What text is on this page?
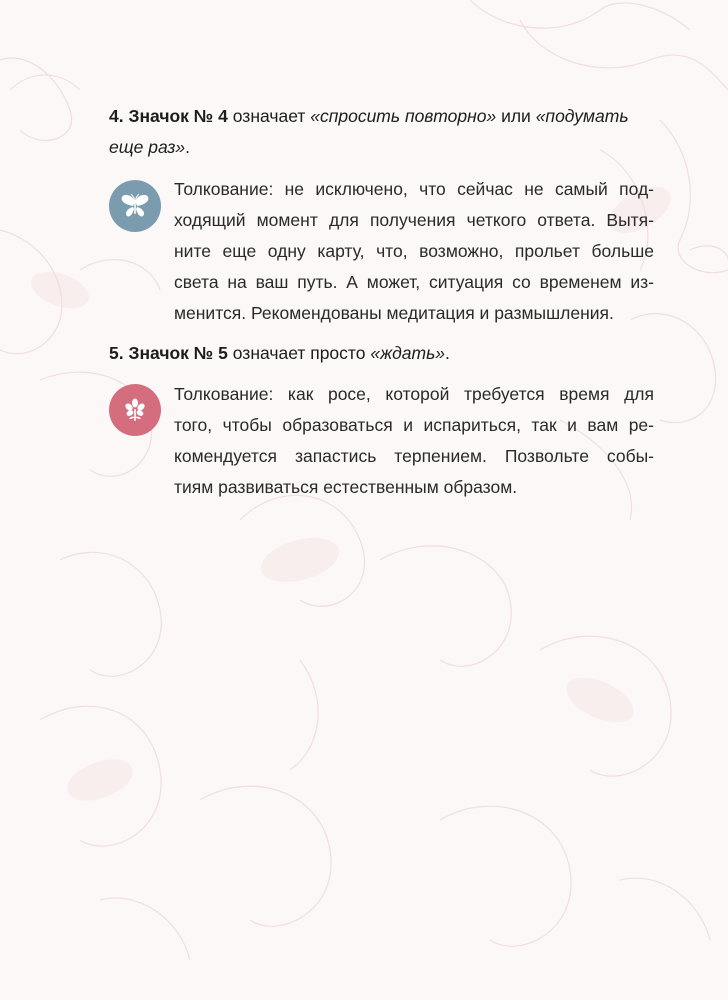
4. Значок № 4 означает «спросить повторно» или «подумать
еще раз».

Толкование: не исключено, что сейчас не самый под-
ходящий момент для получения четкого ответа. Вытя-
ните еще одну карту, что, возможно, прольет больше
света на ваш путь. А может, ситуация со временем из-
менится. Рекомендованы медитация и размышления.

5. Значок № 5 означает просто «ждать».

Толкование: как росе, которой требуется время для
того, чтобы образоваться и испариться, так и вам ре-
комендуется запастись терпением. Позвольте собы-
тиям развиваться естественным образом.
